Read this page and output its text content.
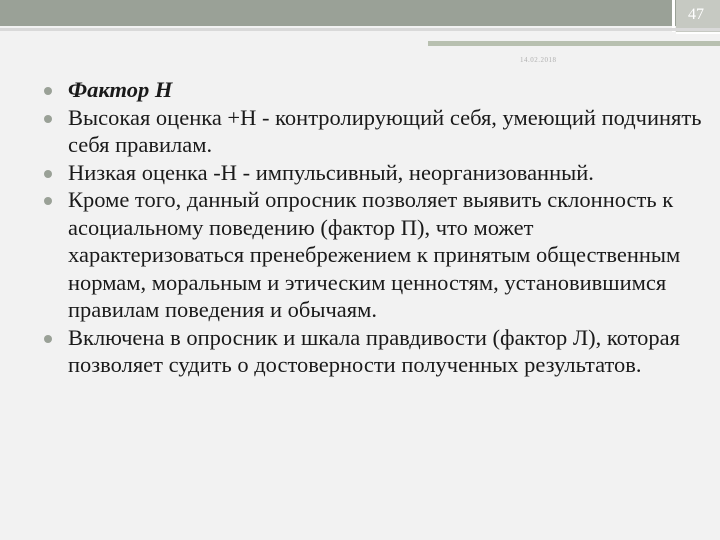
47
14.02.2018
Фактор Н
Высокая оценка +Н - контролирующий себя, умеющий подчинять себя правилам.
Низкая оценка -Н - импульсивный, неорганизованный.
Кроме того, данный опросник позволяет выявить склонность к асоциальному поведению (фактор П), что может характеризоваться пренебрежением к принятым общественным нормам, моральным и этическим ценностям, установившимся правилам поведения и обычаям.
Включена в опросник и шкала правдивости (фактор Л), которая позволяет судить о достоверности полученных результатов.
